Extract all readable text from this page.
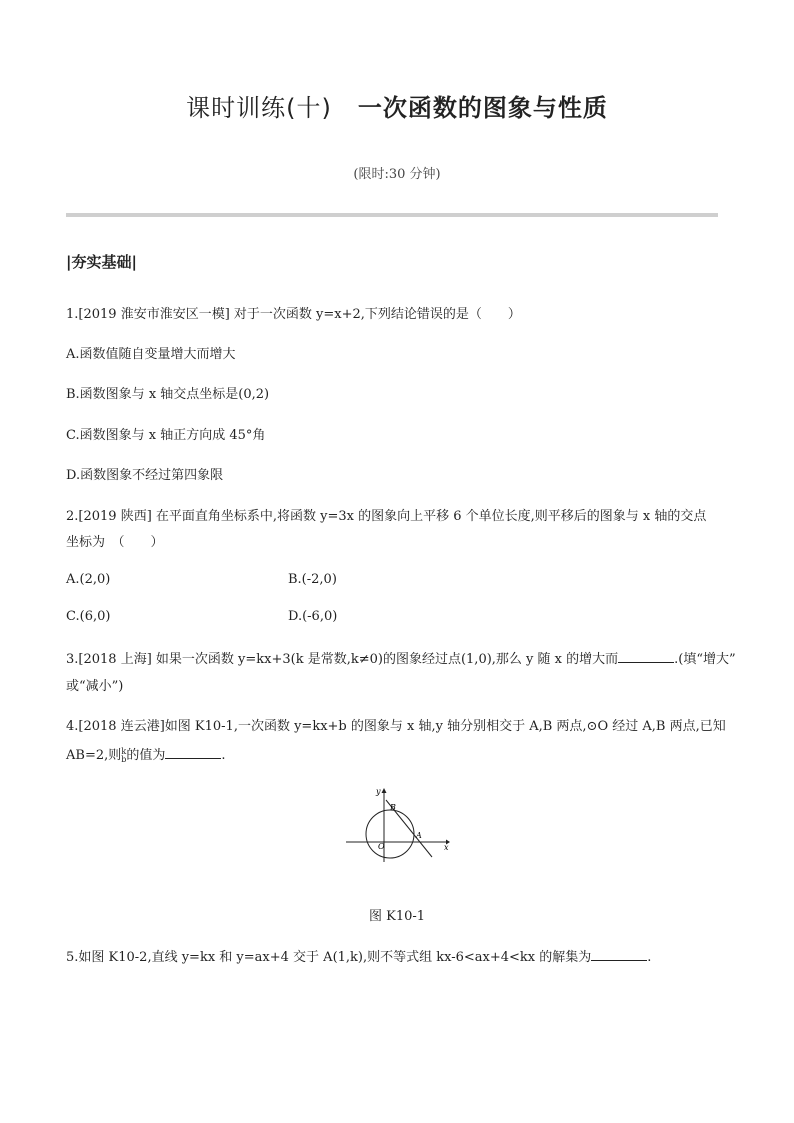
课时训练(十) 一次函数的图象与性质
(限时:30 分钟)
|夯实基础|
1.[2019 淮安市淮安区一模] 对于一次函数 y=x+2,下列结论错误的是（　　）
A.函数值随自变量增大而增大
B.函数图象与 x 轴交点坐标是(0,2)
C.函数图象与 x 轴正方向成 45°角
D.函数图象不经过第四象限
2.[2019 陕西] 在平面直角坐标系中,将函数 y=3x 的图象向上平移 6 个单位长度,则平移后的图象与 x 轴的交点
坐标为　（　　）
A.(2,0)	B.(-2,0)
C.(6,0)	D.(-6,0)
3.[2018 上海] 如果一次函数 y=kx+3(k 是常数,k≠0)的图象经过点(1,0),那么 y 随 x 的增大而	.(填“增大”
或“减小”)
4.[2018 连云港]如图 K10-1,一次函数 y=kx+b 的图象与 x 轴,y 轴分别相交于 A,B 两点,⊙O 经过 A,B 两点,已知
AB=2,则k
b的值为	.
y
x
B
A
O
图 K10-1
5.如图 K10-2,直线 y=kx 和 y=ax+4 交于 A(1,k),则不等式组 kx-6<ax+4<kx 的解集为	.
